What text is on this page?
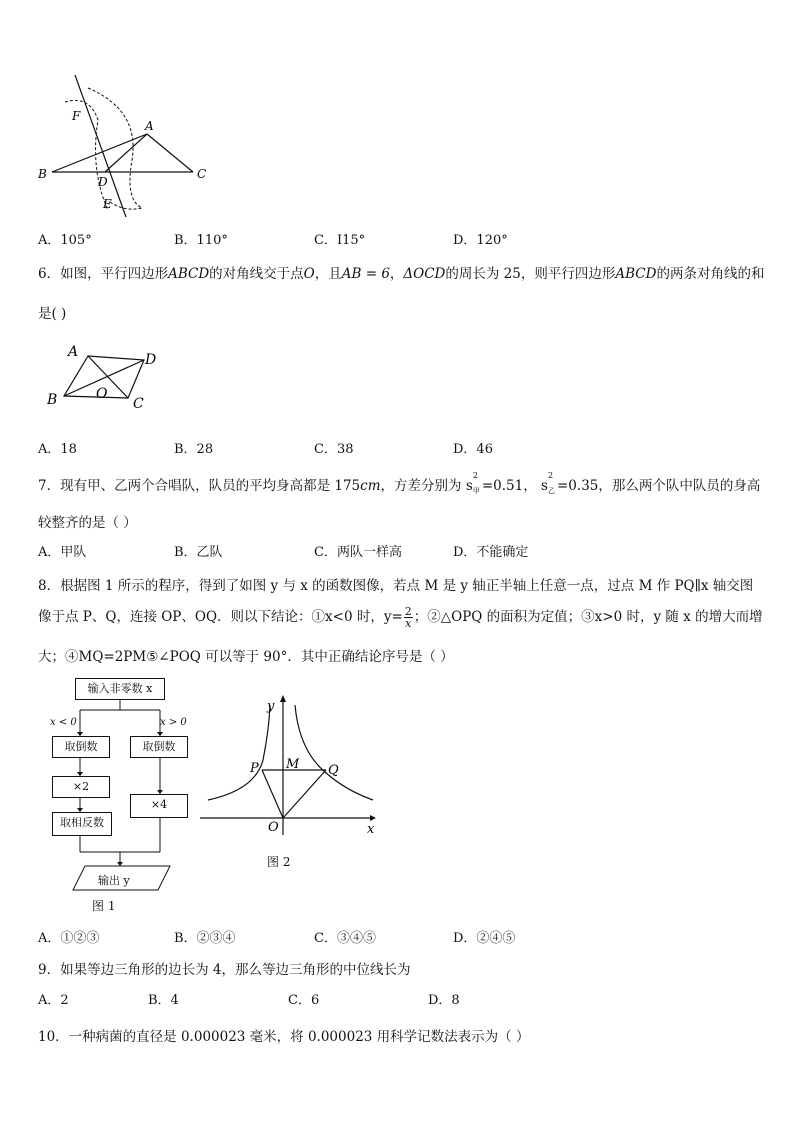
F
A
B	C
D
E
A．105°	B．110°	C．I15°	D．120°
6．如图，平行四边形ABCD的对角线交于点O，且AB = 6，ΔOCD的周长为 25，则平行四边形ABCD的两条对角线的和
是( )
A	D
B	C
O
A．18	B．28	C．38	D．46
7．现有甲、乙两个合唱队，队员的平均身高都是 175cm，方差分别为 s
2
甲 =0.51， s
2
乙 =0.35，那么两个队中队员的身高
较整齐的是（ ）
A．甲队	B．乙队	C．两队一样高	D．不能确定
8．根据图 1 所示的程序，得到了如图 y 与 x 的函数图像，若点 M 是 y 轴正半轴上任意一点，过点 M 作 PQ∥x 轴交图
像于点 P、Q，连接 OP、OQ．则以下结论：①x<0 时，$y= \frac{2}{x}$ ；②△OPQ 的面积为定值；③x>0 时，y 随 x 的增大而增
大；④MQ=2PM⑤∠POQ 可以等于 90°．其中正确结论序号是（ ）
输入非零数 x
x < 0	x > 0
取倒数	取倒数
×2
×4
取相反数
输出 y
图 1
y
x
P M Q
O
图 2
A．①②③	B．②③④	C．③④⑤	D．②④⑤
9．如果等边三角形的边长为 4，那么等边三角形的中位线长为
A．2	B．4	C．6	D．8
10．一种病菌的直径是 0.000023 毫米，将 0.000023 用科学记数法表示为（ ）
